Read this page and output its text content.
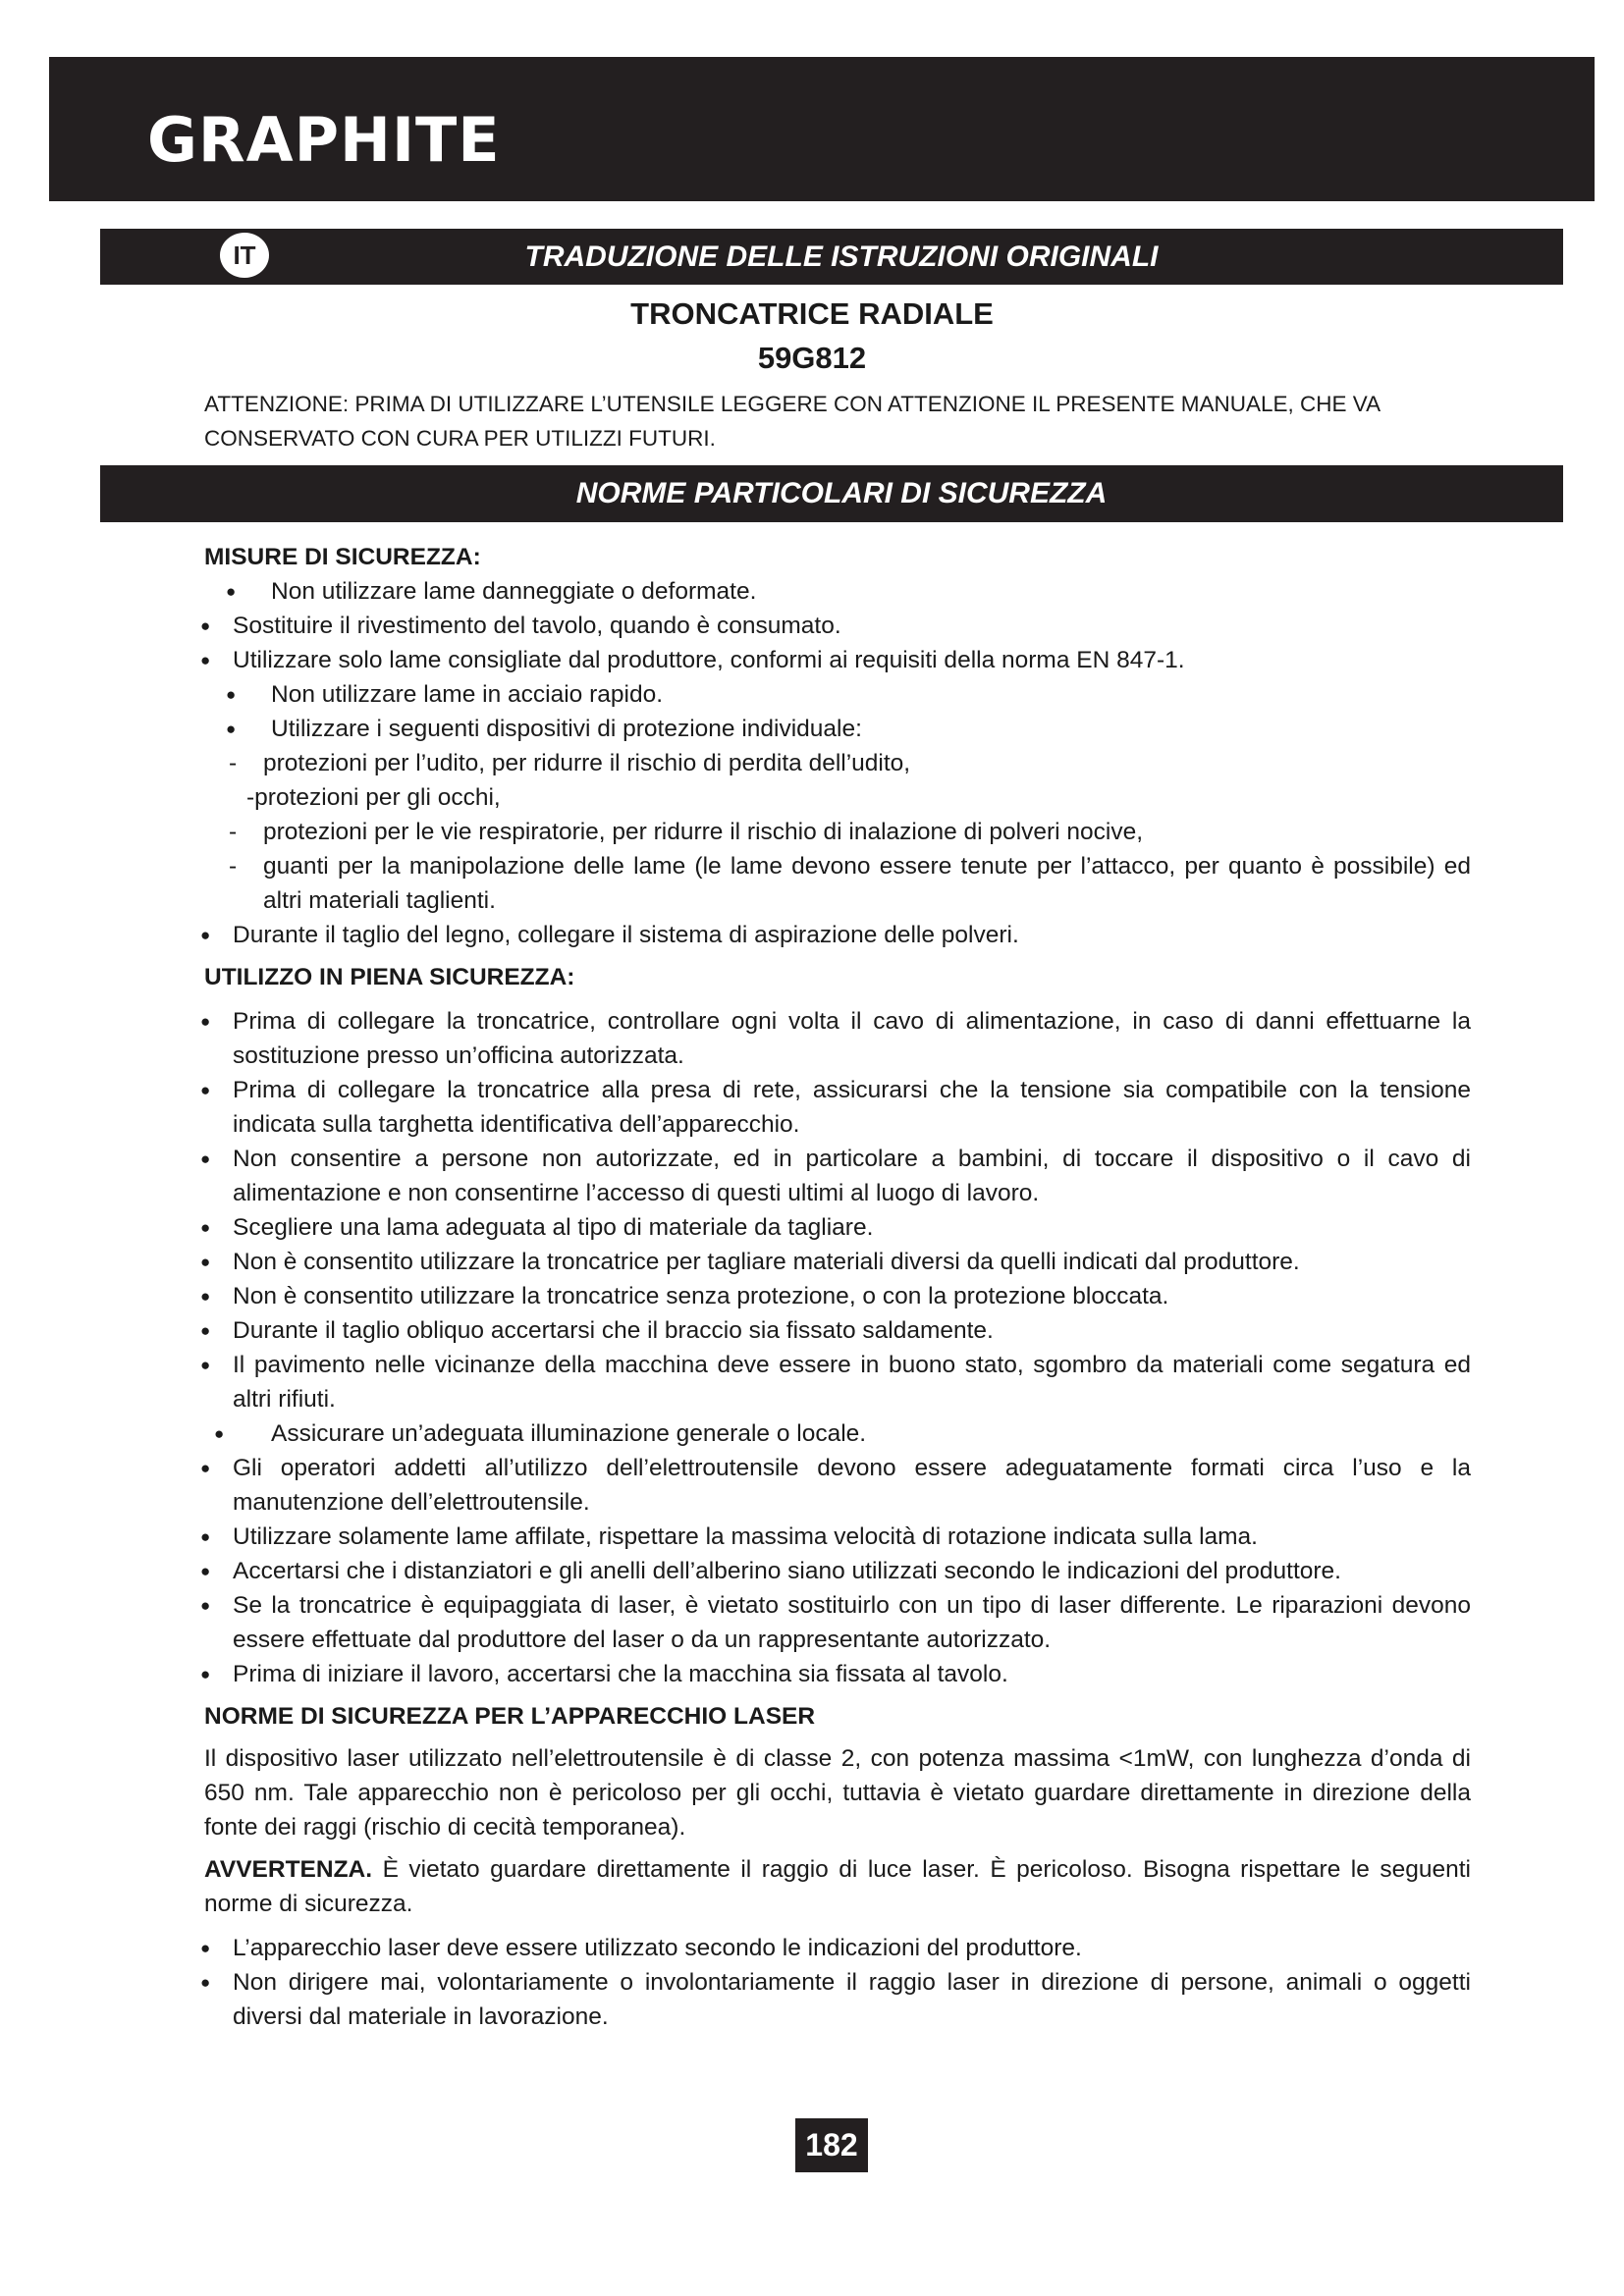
GRAPHITE
IT	TRADUZIONE DELLE ISTRUZIONI ORIGINALI
TRONCATRICE RADIALE
59G812
ATTENZIONE: PRIMA DI UTILIZZARE L’UTENSILE LEGGERE CON ATTENZIONE IL PRESENTE MANUALE, CHE VA CONSERVATO CON CURA PER UTILIZZI FUTURI.
NORME PARTICOLARI DI SICUREZZA

MISURE DI SICUREZZA:

● Non utilizzare lame danneggiate o deformate.
● Sostituire il rivestimento del tavolo, quando è consumato.
● Utilizzare solo lame consigliate dal produttore, conformi ai requisiti della norma EN 847-1.
● Non utilizzare lame in acciaio rapido.
● Utilizzare i seguenti dispositivi di protezione individuale:
- protezioni per l’udito, per ridurre il rischio di perdita dell’udito,
-protezioni per gli occhi,
- protezioni per le vie respiratorie, per ridurre il rischio di inalazione di polveri nocive,
- guanti per la manipolazione delle lame (le lame devono essere tenute per l’attacco, per quanto è possibile) ed altri materiali taglienti.
● Durante il taglio del legno, collegare il sistema di aspirazione delle polveri.

UTILIZZO IN PIENA SICUREZZA:

● Prima di collegare la troncatrice, controllare ogni volta il cavo di alimentazione, in caso di danni effettuarne la sostituzione presso un’officina autorizzata.
● Prima di collegare la troncatrice alla presa di rete, assicurarsi che la tensione sia compatibile con la tensione indicata sulla targhetta identificativa dell’apparecchio.
● Non consentire a persone non autorizzate, ed in particolare a bambini, di toccare il dispositivo o il cavo di alimentazione e non consentirne l’accesso di questi ultimi al luogo di lavoro.
● Scegliere una lama adeguata al tipo di materiale da tagliare.
● Non è consentito utilizzare la troncatrice per tagliare materiali diversi da quelli indicati dal produttore.
● Non è consentito utilizzare la troncatrice senza protezione, o con la protezione bloccata.
● Durante il taglio obliquo accertarsi che il braccio sia fissato saldamente.
● Il pavimento nelle vicinanze della macchina deve essere in buono stato, sgombro da materiali come segatura ed altri rifiuti.
● Assicurare un’adeguata illuminazione generale o locale.
● Gli operatori addetti all’utilizzo dell’elettroutensile devono essere adeguatamente formati circa l’uso e la manutenzione dell’elettroutensile.
● Utilizzare solamente lame affilate, rispettare la massima velocità di rotazione indicata sulla lama.
● Accertarsi che i distanziatori e gli anelli dell’alberino siano utilizzati secondo le indicazioni del produttore.
● Se la troncatrice è equipaggiata di laser, è vietato sostituirlo con un tipo di laser differente. Le riparazioni devono essere effettuate dal produttore del laser o da un rappresentante autorizzato.
● Prima di iniziare il lavoro, accertarsi che la macchina sia fissata al tavolo.

NORME DI SICUREZZA PER L’APPARECCHIO LASER

Il dispositivo laser utilizzato nell’elettroutensile è di classe 2, con potenza massima <1mW, con lunghezza d’onda di 650 nm. Tale apparecchio non è pericoloso per gli occhi, tuttavia è vietato guardare direttamente in direzione della fonte dei raggi (rischio di cecità temporanea).

AVVERTENZA. È vietato guardare direttamente il raggio di luce laser. È pericoloso. Bisogna rispettare le seguenti norme di sicurezza.

● L’apparecchio laser deve essere utilizzato secondo le indicazioni del produttore.
● Non dirigere mai, volontariamente o involontariamente il raggio laser in direzione di persone, animali o oggetti diversi dal materiale in lavorazione.
182
